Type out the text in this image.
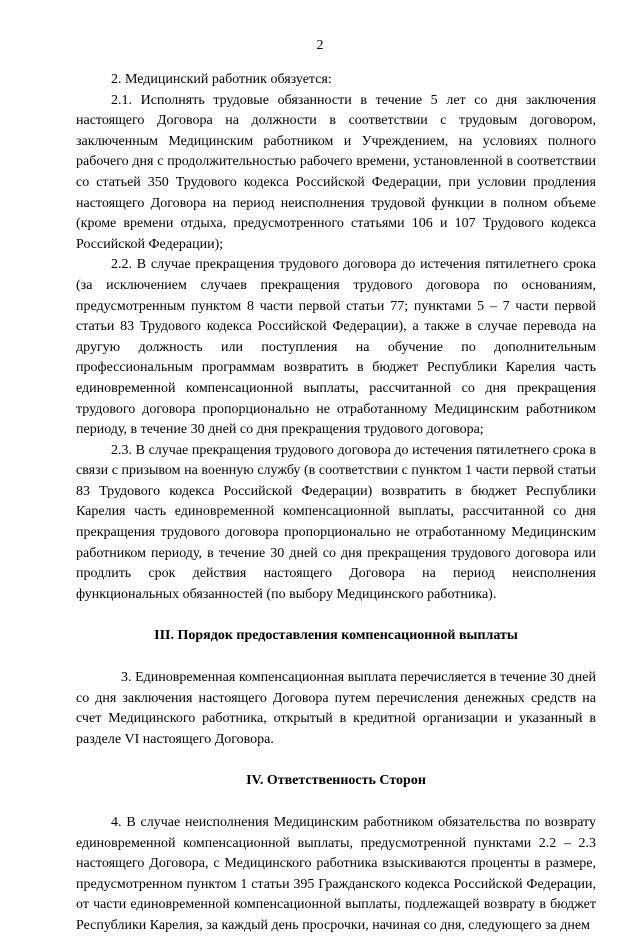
2

2. Медицинский работник обязуется:

2.1. Исполнять трудовые обязанности в течение 5 лет со дня заключения настоящего Договора на должности в соответствии с трудовым договором, заключенным Медицинским работником и Учреждением, на условиях полного рабочего дня с продолжительностью рабочего времени, установленной в соответствии со статьей 350 Трудового кодекса Российской Федерации, при условии продления настоящего Договора на период неисполнения трудовой функции в полном объеме (кроме времени отдыха, предусмотренного статьями 106 и 107 Трудового кодекса Российской Федерации);

2.2. В случае прекращения трудового договора до истечения пятилетнего срока (за исключением случаев прекращения трудового договора по основаниям, предусмотренным пунктом 8 части первой статьи 77; пунктами 5 – 7 части первой статьи 83 Трудового кодекса Российской Федерации), а также в случае перевода на другую должность или поступления на обучение по дополнительным профессиональным программам возвратить в бюджет Республики Карелия часть единовременной компенсационной выплаты, рассчитанной со дня прекращения трудового договора пропорционально не отработанному Медицинским работником периоду, в течение 30 дней со дня прекращения трудового договора;

2.3. В случае прекращения трудового договора до истечения пятилетнего срока в связи с призывом на военную службу (в соответствии с пунктом 1 части первой статьи 83 Трудового кодекса Российской Федерации) возвратить в бюджет Республики Карелия часть единовременной компенсационной выплаты, рассчитанной со дня прекращения трудового договора пропорционально не отработанному Медицинским работником периоду, в течение 30 дней со дня прекращения трудового договора или продлить срок действия настоящего Договора на период неисполнения функциональных обязанностей (по выбору Медицинского работника).

III. Порядок предоставления компенсационной выплаты

3. Единовременная компенсационная выплата перечисляется в течение 30 дней со дня заключения настоящего Договора путем перечисления денежных средств на счет Медицинского работника, открытый в кредитной организации и указанный в разделе VI настоящего Договора.

IV. Ответственность Сторон

4. В случае неисполнения Медицинским работником обязательства по возврату единовременной компенсационной выплаты, предусмотренной пунктами 2.2 – 2.3 настоящего Договора, с Медицинского работника взыскиваются проценты в размере, предусмотренном пунктом 1 статьи 395 Гражданского кодекса Российской Федерации, от части единовременной компенсационной выплаты, подлежащей возврату в бюджет Республики Карелия, за каждый день просрочки, начиная со дня, следующего за днем
